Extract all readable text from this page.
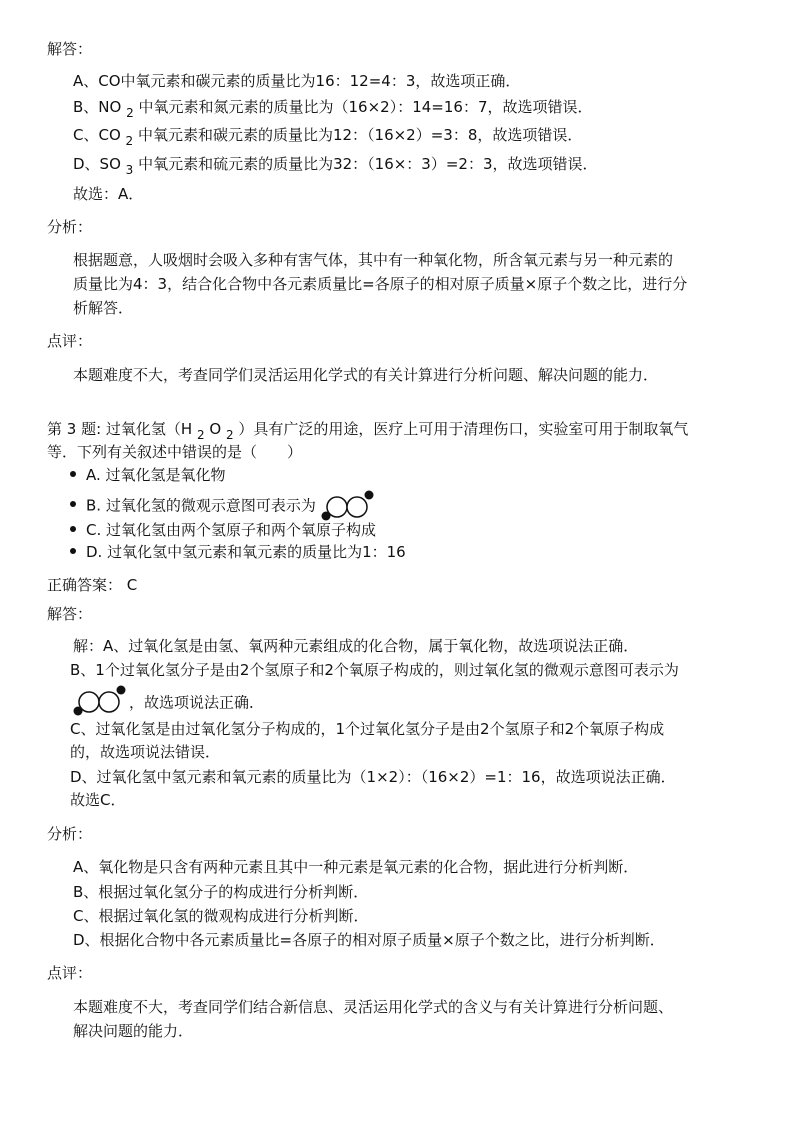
解答：
A、CO中氧元素和碳元素的质量比为16：12=4：3，故选项正确．
B、NO $_2$ 中氧元素和氮元素的质量比为（16×2）：14=16：7，故选项错误．
C、CO $_2$ 中氧元素和碳元素的质量比为12：（16×2）=3：8，故选项错误．
D、SO $_3$ 中氧元素和硫元素的质量比为32：（16×：3）=2：3，故选项错误．
故选：A．
分析：
根据题意，人吸烟时会吸入多种有害气体，其中有一种氧化物，所含氧元素与另一种元素的
质量比为4：3，结合化合物中各元素质量比=各原子的相对原子质量×原子个数之比，进行分
析解答．
点评：
本题难度不大，考查同学们灵活运用化学式的有关计算进行分析问题、解决问题的能力．
第 3 题: 过氧化氢（H $_2$ O $_2$ ）具有广泛的用途，医疗上可用于清理伤口，实验室可用于制取氧气
等．下列有关叙述中错误的是（　　）
A. 过氧化氢是氧化物
B. 过氧化氢的微观示意图可表示为
C. 过氧化氢由两个氢原子和两个氧原子构成
D. 过氧化氢中氢元素和氧元素的质量比为1：16
正确答案： C
解答：
解：A、过氧化氢是由氢、氧两种元素组成的化合物，属于氧化物，故选项说法正确．
B、1个过氧化氢分子是由2个氢原子和2个氧原子构成的，则过氧化氢的微观示意图可表示为
，故选项说法正确．
C、过氧化氢是由过氧化氢分子构成的，1个过氧化氢分子是由2个氢原子和2个氧原子构成
的，故选项说法错误．
D、过氧化氢中氢元素和氧元素的质量比为（1×2）：（16×2）=1：16，故选项说法正确．
故选C．
分析：
A、氧化物是只含有两种元素且其中一种元素是氧元素的化合物，据此进行分析判断．
B、根据过氧化氢分子的构成进行分析判断．
C、根据过氧化氢的微观构成进行分析判断．
D、根据化合物中各元素质量比=各原子的相对原子质量×原子个数之比，进行分析判断．
点评：
本题难度不大，考查同学们结合新信息、灵活运用化学式的含义与有关计算进行分析问题、
解决问题的能力．
